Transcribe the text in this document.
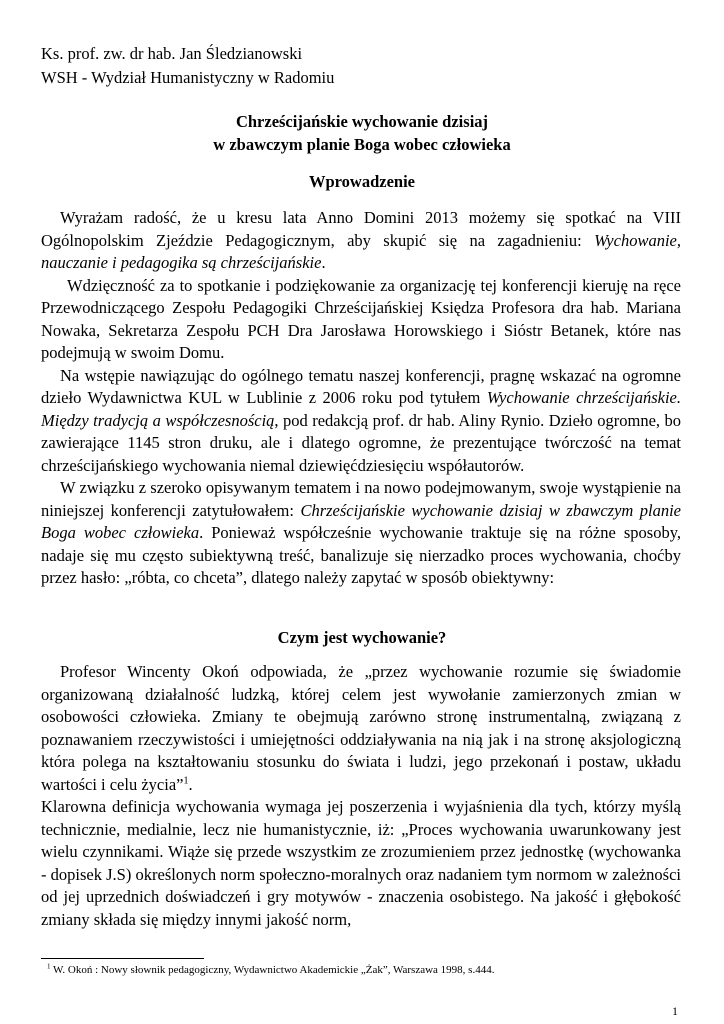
Ks. prof. zw. dr hab. Jan Śledzianowski
WSH - Wydział Humanistyczny w Radomiu
Chrześcijańskie wychowanie dzisiaj
w zbawczym planie Boga wobec człowieka
Wprowadzenie

Wyrażam radość, że u kresu lata Anno Domini 2013 możemy się spotkać na VIII Ogólnopolskim Zjeździe Pedagogicznym, aby skupić się na zagadnieniu: Wychowanie, nauczanie i pedagogika są chrześcijańskie.

Wdzięczność za to spotkanie i podziękowanie za organizację tej konferencji kieruję na ręce Przewodniczącego Zespołu Pedagogiki Chrześcijańskiej Księdza Profesora dra hab. Mariana Nowaka, Sekretarza Zespołu PCH Dra Jarosława Horowskiego i Sióstr Betanek, które nas podejmują w swoim Domu.

Na wstępie nawiązując do ogólnego tematu naszej konferencji, pragnę wskazać na ogromne dzieło Wydawnictwa KUL w Lublinie z 2006 roku pod tytułem Wychowanie chrześcijańskie. Między tradycją a współczesnością, pod redakcją prof. dr hab. Aliny Rynio. Dzieło ogromne, bo zawierające 1145 stron druku, ale i dlatego ogromne, że prezentujące twórczość na temat chrześcijańskiego wychowania niemal dziewięćdziesięciu współautorów.

W związku z szeroko opisywanym tematem i na nowo podejmowanym, swoje wystąpienie na niniejszej konferencji zatytułowałem: Chrześcijańskie wychowanie dzisiaj w zbawczym planie Boga wobec człowieka. Ponieważ współcześnie wychowanie traktuje się na różne sposoby, nadaje się mu często subiektywną treść, banalizuje się nierzadko proces wychowania, choćby przez hasło: „róbta, co chceta”, dlatego należy zapytać w sposób obiektywny:

Czym jest wychowanie?

Profesor Wincenty Okoń odpowiada, że „przez wychowanie rozumie się świadomie organizowaną działalność ludzką, której celem jest wywołanie zamierzonych zmian w osobowości człowieka. Zmiany te obejmują zarówno stronę instrumentalną, związaną z poznawaniem rzeczywistości i umiejętności oddziaływania na nią jak i na stronę aksjologiczną która polega na kształtowaniu stosunku do świata i ludzi, jego przekonań i postaw, układu wartości i celu życia”$^1$.

Klarowna definicja wychowania wymaga jej poszerzenia i wyjaśnienia dla tych, którzy myślą technicznie, medialnie, lecz nie humanistycznie, iż: „Proces wychowania uwarunkowany jest wielu czynnikami. Wiąże się przede wszystkim ze zrozumieniem przez jednostkę (wychowanka - dopisek J.S) określonych norm społeczno-moralnych oraz nadaniem tym normom w zależności od jej uprzednich doświadczeń i gry motywów - znaczenia osobistego. Na jakość i głębokość zmiany składa się między innymi jakość norm,

$^1$ W. Okoń : Nowy słownik pedagogiczny, Wydawnictwo Akademickie „Żak”, Warszawa 1998, s.444.
1
